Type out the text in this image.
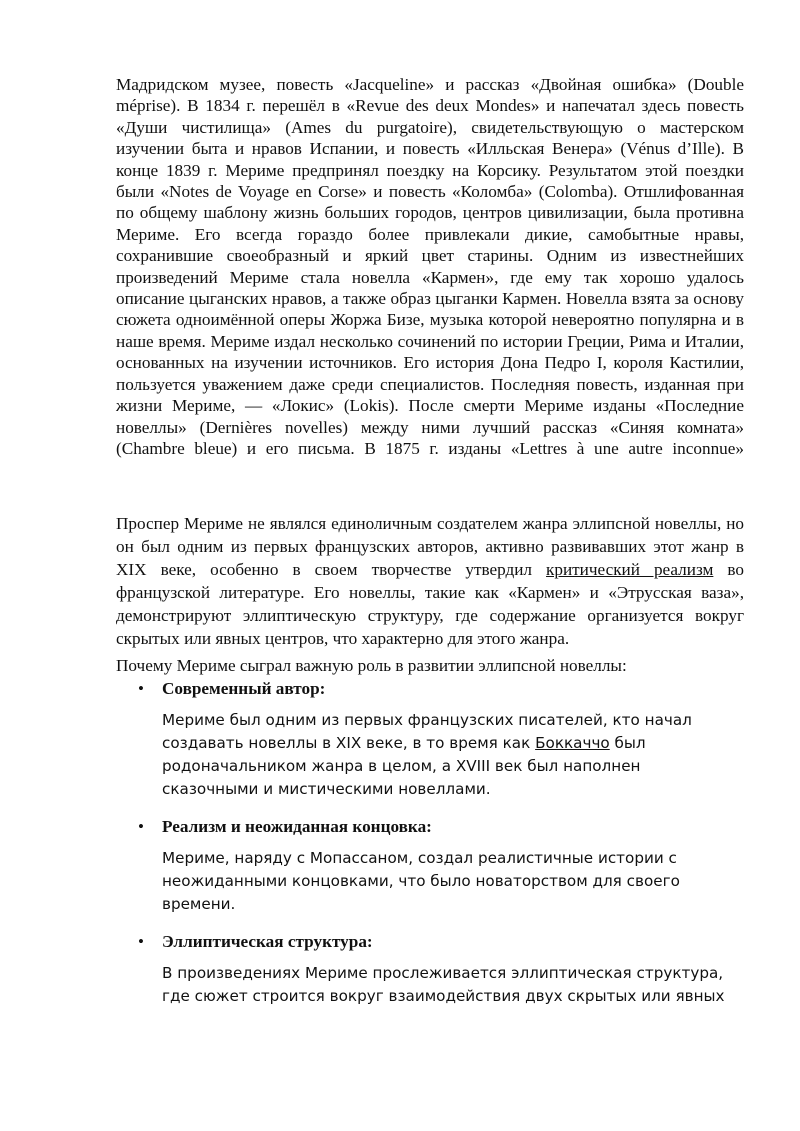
Мадридском музее, повесть «Jacqueline» и рассказ «Двойная ошибка» (Double méprise). В 1834 г. перешёл в «Revue des deux Mondes» и напечатал здесь повесть «Души чистилища» (Ames du purgatoire), свидетельствующую о мастерском изучении быта и нравов Испании, и повесть «Илльская Венера» (Vénus d’Ille). В конце 1839 г. Мериме предпринял поездку на Корсику. Результатом этой поездки были «Notes de Voyage en Corse» и повесть «Коломба» (Colomba). Отшлифованная по общему шаблону жизнь больших городов, центров цивилизации, была противна Мериме. Его всегда гораздо более привлекали дикие, самобытные нравы, сохранившие своеобразный и яркий цвет старины. Одним из известнейших произведений Мериме стала новелла «Кармен», где ему так хорошо удалось описание цыганских нравов, а также образ цыганки Кармен. Новелла взята за основу сюжета одноимённой оперы Жоржа Бизе, музыка которой невероятно популярна и в наше время. Мериме издал несколько сочинений по истории Греции, Рима и Италии, основанных на изучении источников. Его история Дона Педро I, короля Кастилии, пользуется уважением даже среди специалистов. Последняя повесть, изданная при жизни Мериме, — «Локис» (Lokis). После смерти Мериме изданы «Последние новеллы» (Dernières novelles) между ними лучший рассказ «Синяя комната» (Chambre bleue) и его письма. В 1875 г. изданы «Lettres à une autre inconnue»

Проспер Мериме не являлся единоличным создателем жанра эллипсной новеллы, но он был одним из первых французских авторов, активно развивавших этот жанр в XIX веке, особенно в своем творчестве утвердил критический реализм во французской литературе. Его новеллы, такие как «Кармен» и «Этрусская ваза», демонстрируют эллиптическую структуру, где содержание организуется вокруг скрытых или явных центров, что характерно для этого жанра.

Почему Мериме сыграл важную роль в развитии эллипсной новеллы:

• Современный автор:
Мериме был одним из первых французских писателей, кто начал
создавать новеллы в XIX веке, в то время как Боккаччо был
родоначальником жанра в целом, а XVIII век был наполнен
сказочными и мистическими новеллами.
• Реализм и неожиданная концовка:
Мериме, наряду с Мопассаном, создал реалистичные истории с
неожиданными концовками, что было новаторством для своего
времени.
• Эллиптическая структура:
В произведениях Мериме прослеживается эллиптическая структура,
где сюжет строится вокруг взаимодействия двух скрытых или явных
